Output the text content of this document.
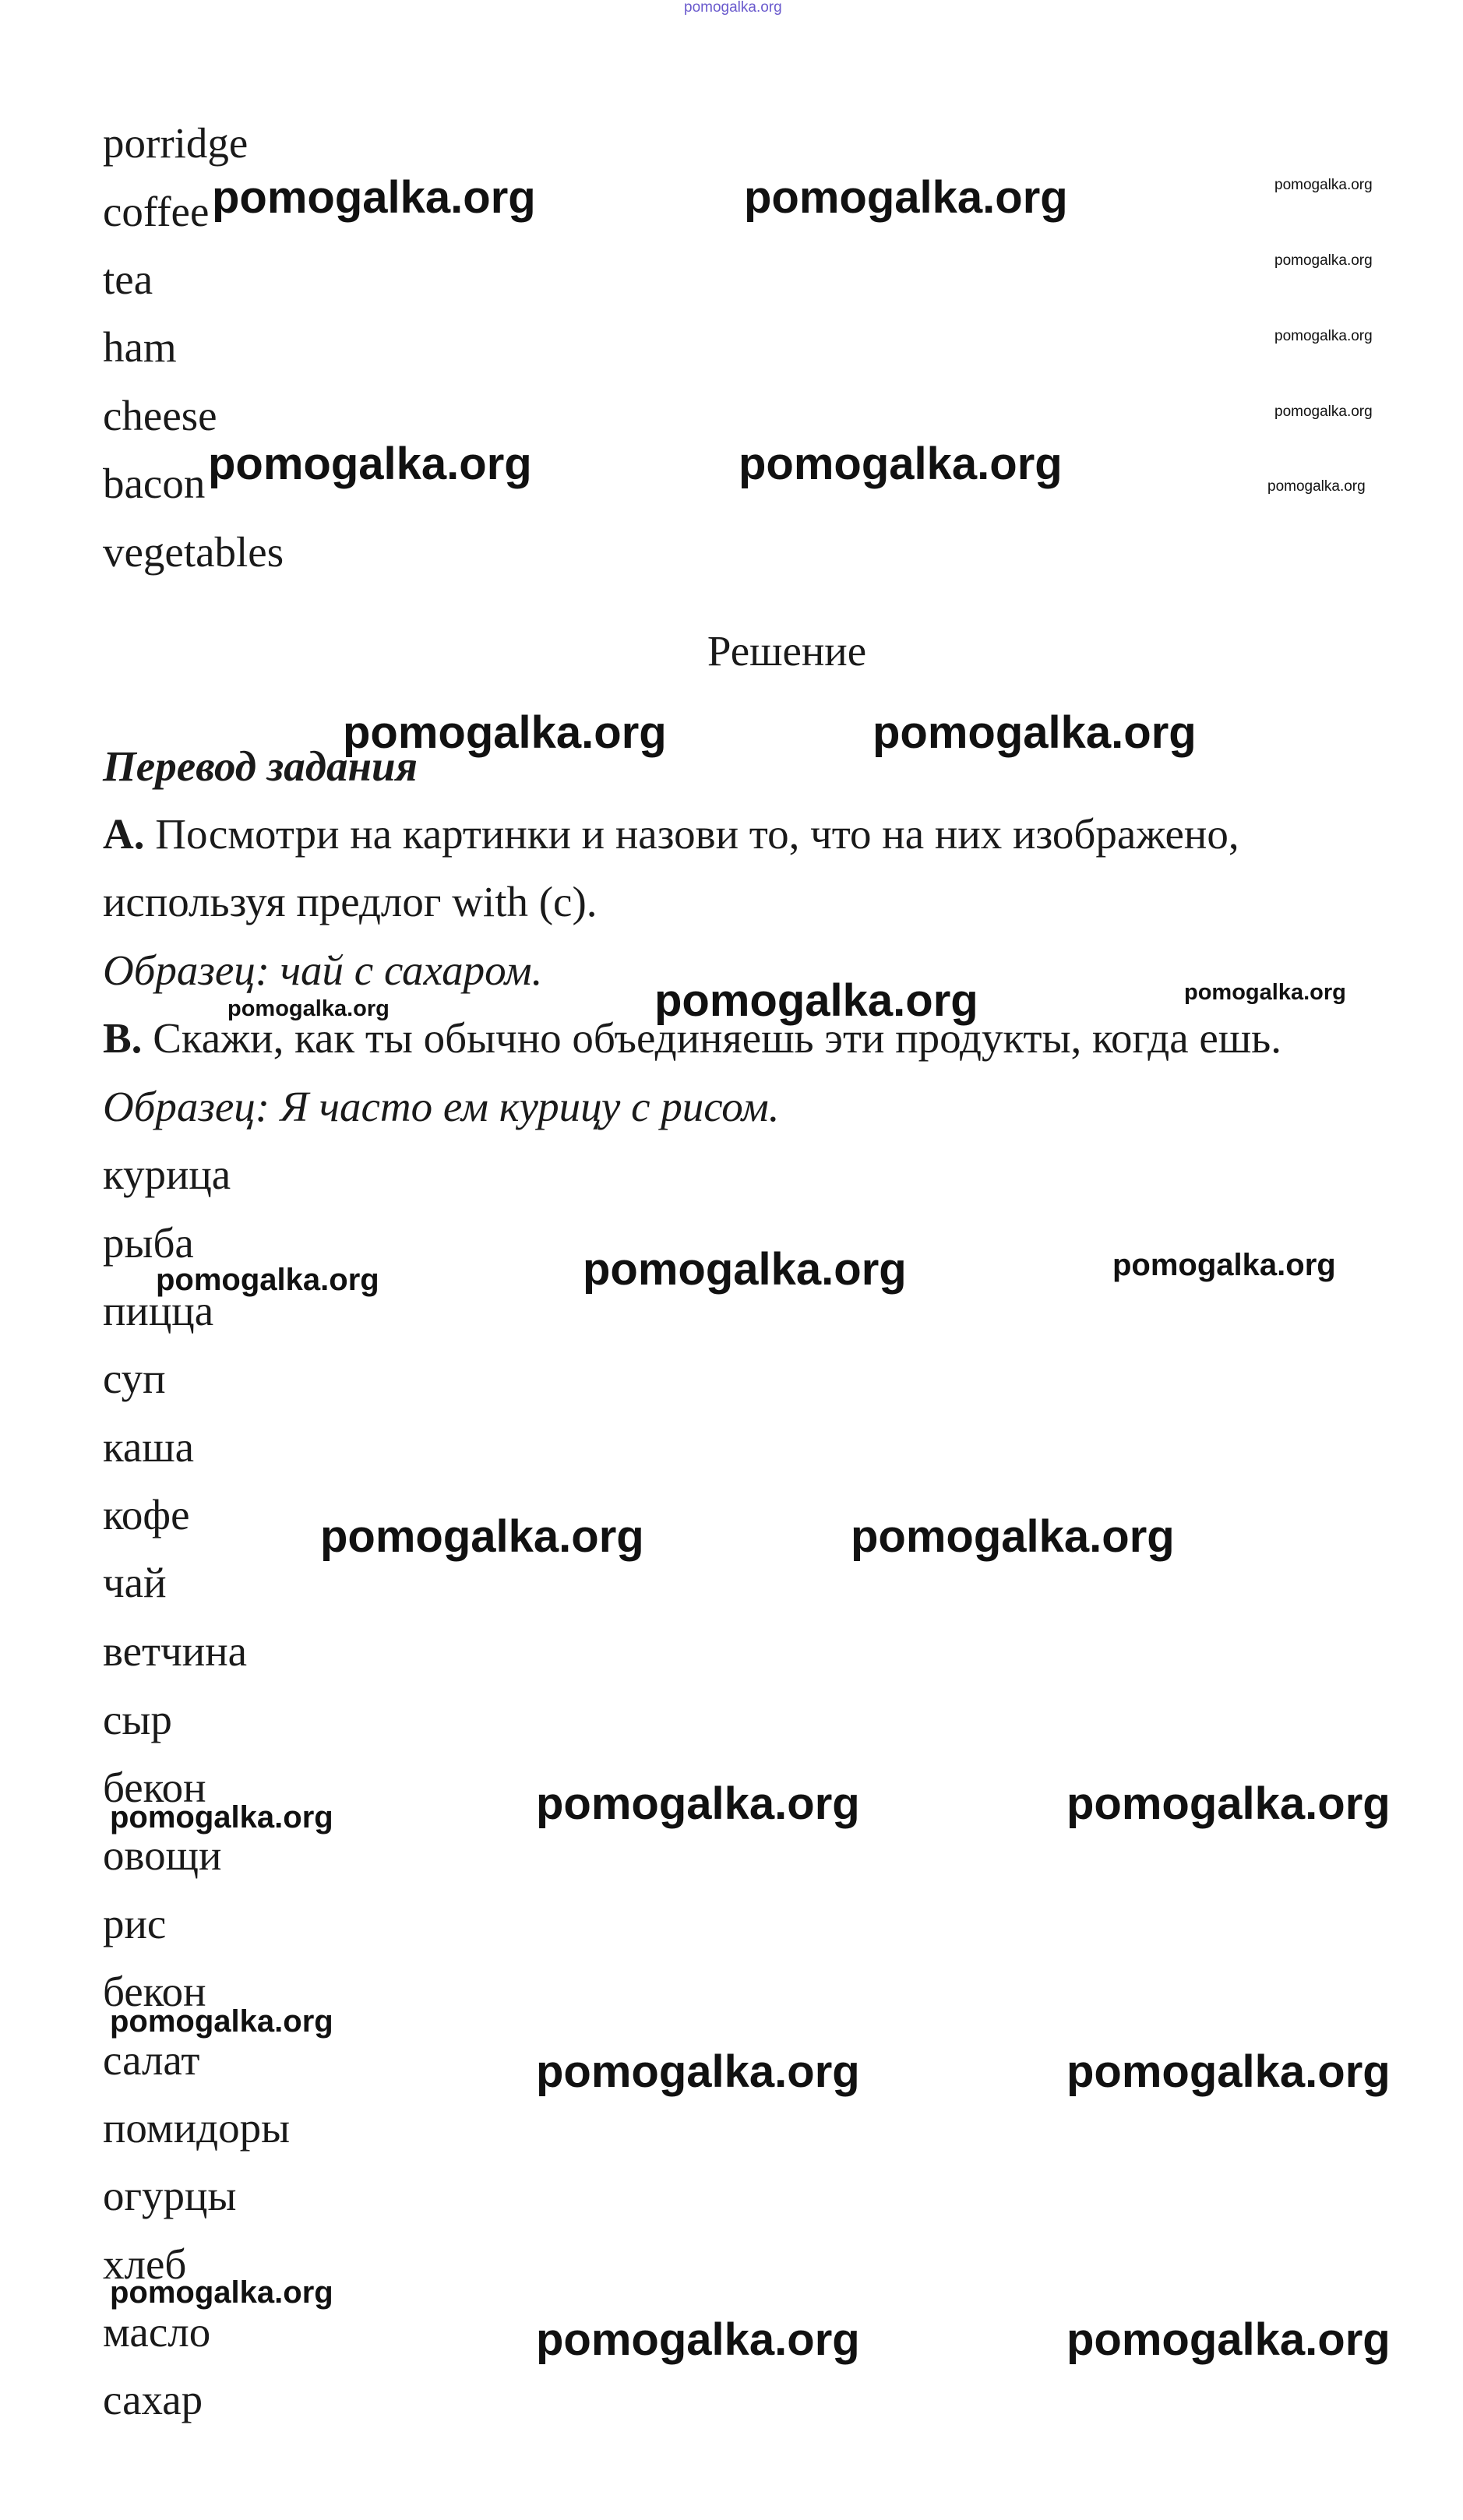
pomogalka.org
porridge
coffee
tea
ham
cheese
bacon
vegetables
Решение
Перевод задания
A. Посмотри на картинки и назови то, что на них изображено,
используя предлог with (с).
Образец: чай с сахаром.
B. Скажи, как ты обычно объединяешь эти продукты, когда ешь.
Образец: Я часто ем курицу с рисом.
курица
рыба
пицца
суп
каша
кофе
чай
ветчина
сыр
бекон
овощи
рис
бекон
салат
помидоры
огурцы
хлеб
масло
сахар
pomogalka.org	pomogalka.org	pomogalka.org
pomogalka.org
pomogalka.org
pomogalka.org
pomogalka.org	pomogalka.org	pomogalka.org
pomogalka.org	pomogalka.org
pomogalka.org	pomogalka.org	pomogalka.org
pomogalka.org	pomogalka.org	pomogalka.org
pomogalka.org	pomogalka.org
pomogalka.org	pomogalka.org	pomogalka.org
pomogalka.org
pomogalka.org	pomogalka.org
pomogalka.org
pomogalka.org	pomogalka.org
